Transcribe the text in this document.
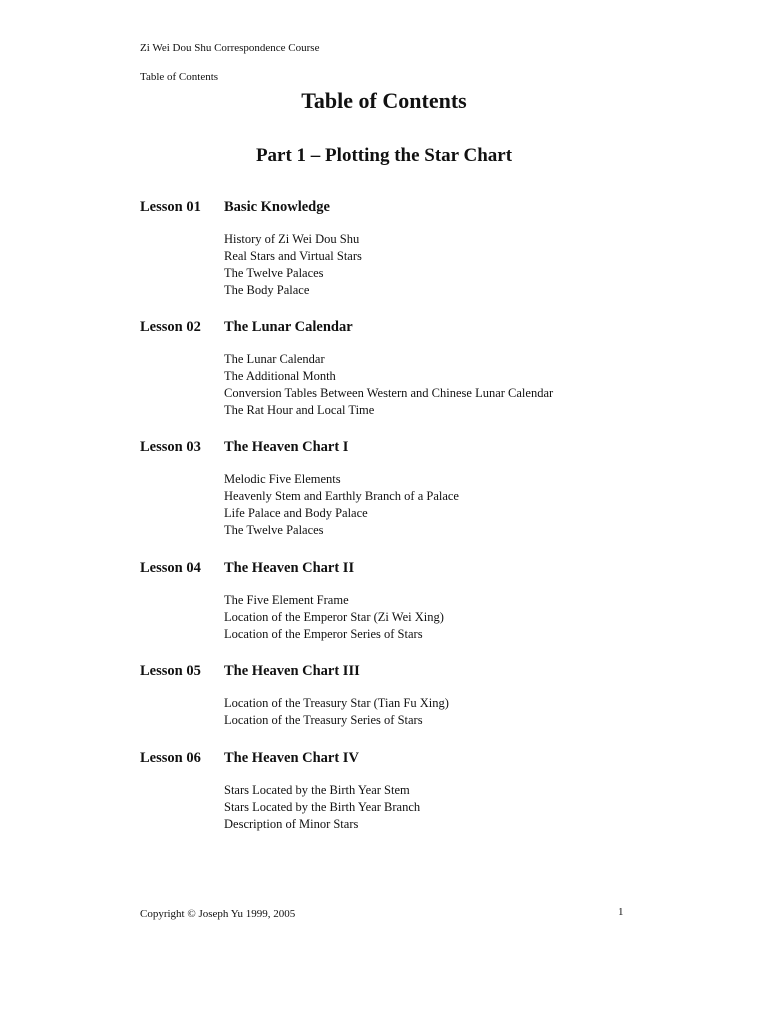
Zi Wei Dou Shu Correspondence Course
Table of Contents
Table of Contents
Part 1 – Plotting the Star Chart
Lesson 01 Basic Knowledge
History of Zi Wei Dou Shu
Real Stars and Virtual Stars
The Twelve Palaces
The Body Palace
Lesson 02 The Lunar Calendar
The Lunar Calendar
The Additional Month
Conversion Tables Between Western and Chinese Lunar Calendar
The Rat Hour and Local Time
Lesson 03 The Heaven Chart I
Melodic Five Elements
Heavenly Stem and Earthly Branch of a Palace
Life Palace and Body Palace
The Twelve Palaces
Lesson 04 The Heaven Chart II
The Five Element Frame
Location of the Emperor Star (Zi Wei Xing)
Location of the Emperor Series of Stars
Lesson 05 The Heaven Chart III
Location of the Treasury Star (Tian Fu Xing)
Location of the Treasury Series of Stars
Lesson 06 The Heaven Chart IV
Stars Located by the Birth Year Stem
Stars Located by the Birth Year Branch
Description of Minor Stars
Copyright © Joseph Yu 1999, 2005	1
